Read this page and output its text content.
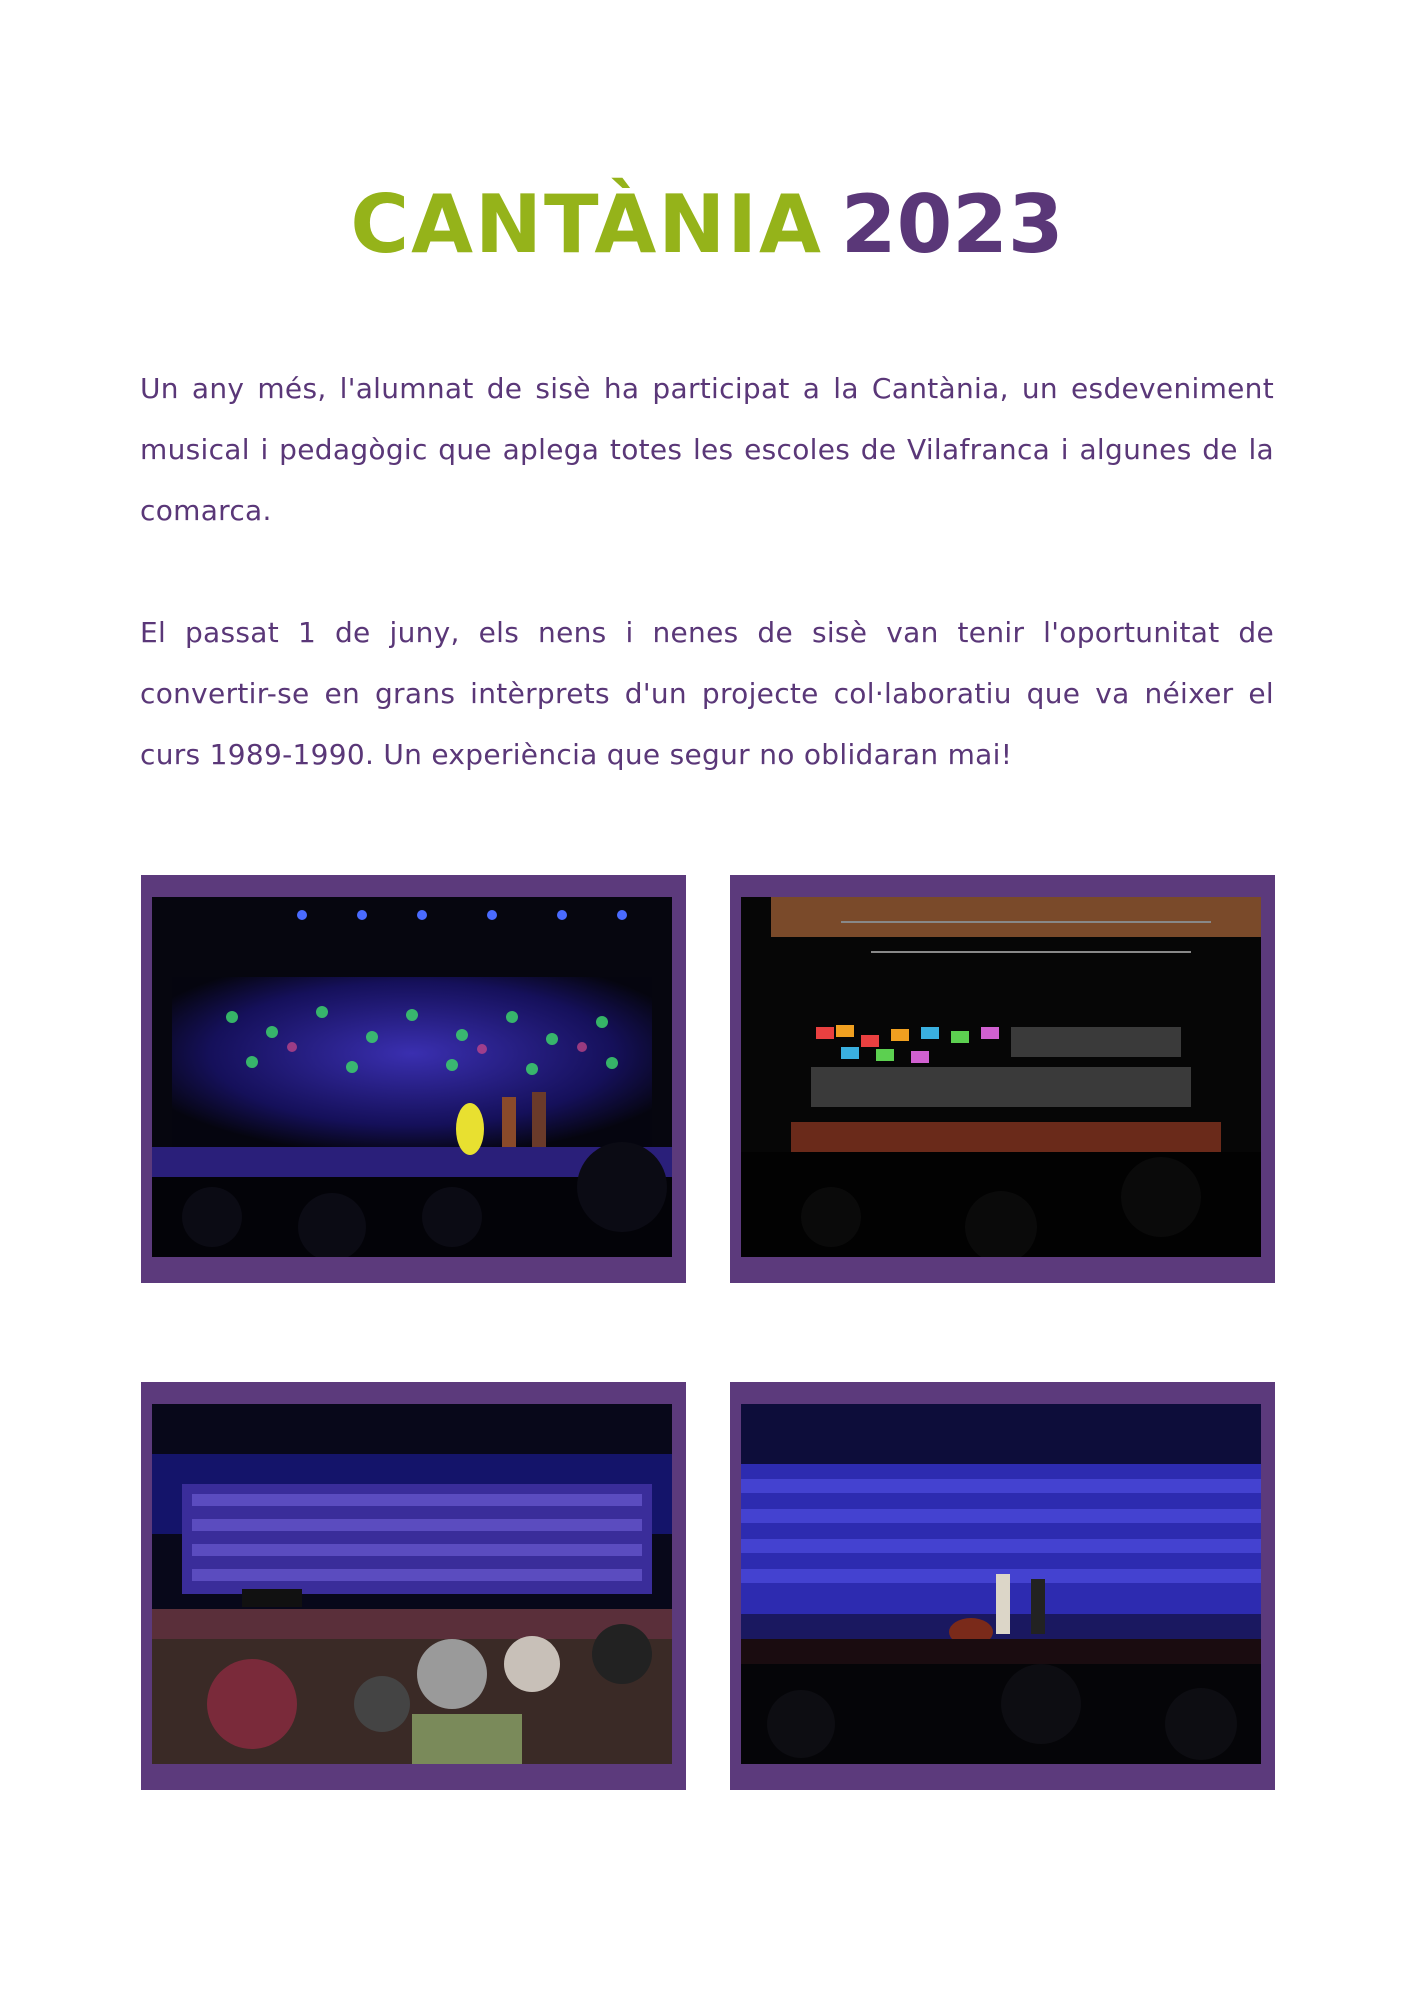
CANTÀNIA 2023
Un any més, l'alumnat de sisè ha participat a la Cantània, un esdeveniment musical i pedagògic que aplega totes les escoles de Vilafranca i algunes de la comarca.
El passat 1 de juny, els nens i nenes de sisè van tenir l'oportunitat de convertir-se en grans intèrprets d'un projecte col·laboratiu que va néixer el curs 1989-1990. Un experiència que segur no oblidaran mai!
